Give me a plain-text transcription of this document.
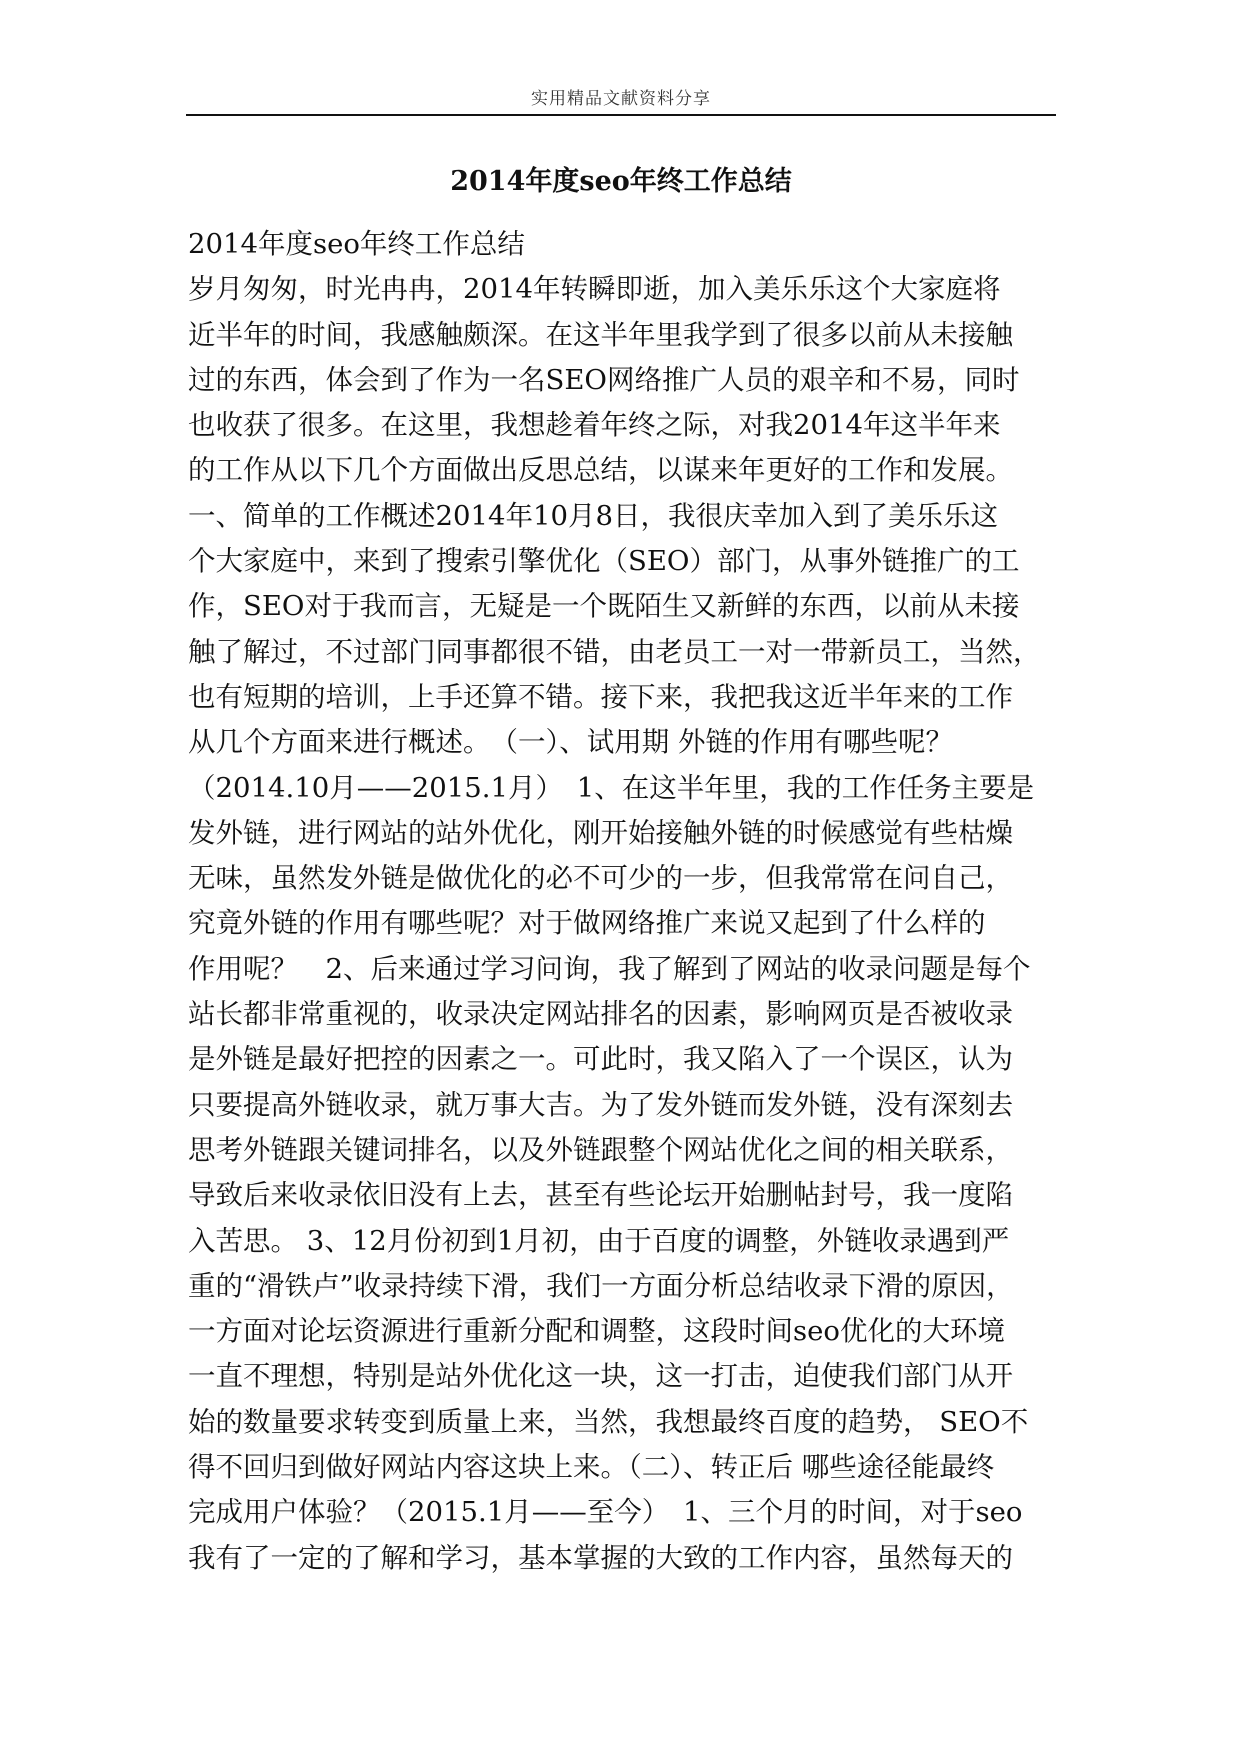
实用精品文献资料分享
2014年度seo年终工作总结
2014年度seo年终工作总结
岁月匆匆，时光冉冉，2014年转瞬即逝，加入美乐乐这个大家庭将
近半年的时间，我感触颇深。在这半年里我学到了很多以前从未接触
过的东西，体会到了作为一名SEO网络推广人员的艰辛和不易，同时
也收获了很多。在这里，我想趁着年终之际，对我2014年这半年来
的工作从以下几个方面做出反思总结，以谋来年更好的工作和发展。
一、简单的工作概述2014年10月8日，我很庆幸加入到了美乐乐这
个大家庭中，来到了搜索引擎优化（SEO）部门，从事外链推广的工
作，SEO对于我而言，无疑是一个既陌生又新鲜的东西，以前从未接
触了解过，不过部门同事都很不错，由老员工一对一带新员工，当然，
也有短期的培训，上手还算不错。接下来，我把我这近半年来的工作
从几个方面来进行概述。　（一）、试用期 外链的作用有哪些呢？
（2014.10月——2015.1月）　1、在这半年里，我的工作任务主要是
发外链，进行网站的站外优化，刚开始接触外链的时候感觉有些枯燥
无味，虽然发外链是做优化的必不可少的一步，但我常常在问自己，
究竟外链的作用有哪些呢？对于做网络推广来说又起到了什么样的
作用呢？　2、后来通过学习问询，我了解到了网站的收录问题是每个
站长都非常重视的，收录决定网站排名的因素，影响网页是否被收录
是外链是最好把控的因素之一。可此时，我又陷入了一个误区，认为
只要提高外链收录，就万事大吉。为了发外链而发外链，没有深刻去
思考外链跟关键词排名，以及外链跟整个网站优化之间的相关联系，
导致后来收录依旧没有上去，甚至有些论坛开始删帖封号，我一度陷
入苦思。 3、12月份初到1月初，由于百度的调整，外链收录遇到严
重的“滑铁卢”收录持续下滑，我们一方面分析总结收录下滑的原因，
一方面对论坛资源进行重新分配和调整，这段时间seo优化的大环境
一直不理想，特别是站外优化这一块，这一打击，迫使我们部门从开
始的数量要求转变到质量上来，当然，我想最终百度的趋势， SEO不
得不回归到做好网站内容这块上来。（二）、转正后 哪些途径能最终
完成用户体验？（2015.1月——至今）　1、三个月的时间，对于seo
我有了一定的了解和学习，基本掌握的大致的工作内容，虽然每天的
